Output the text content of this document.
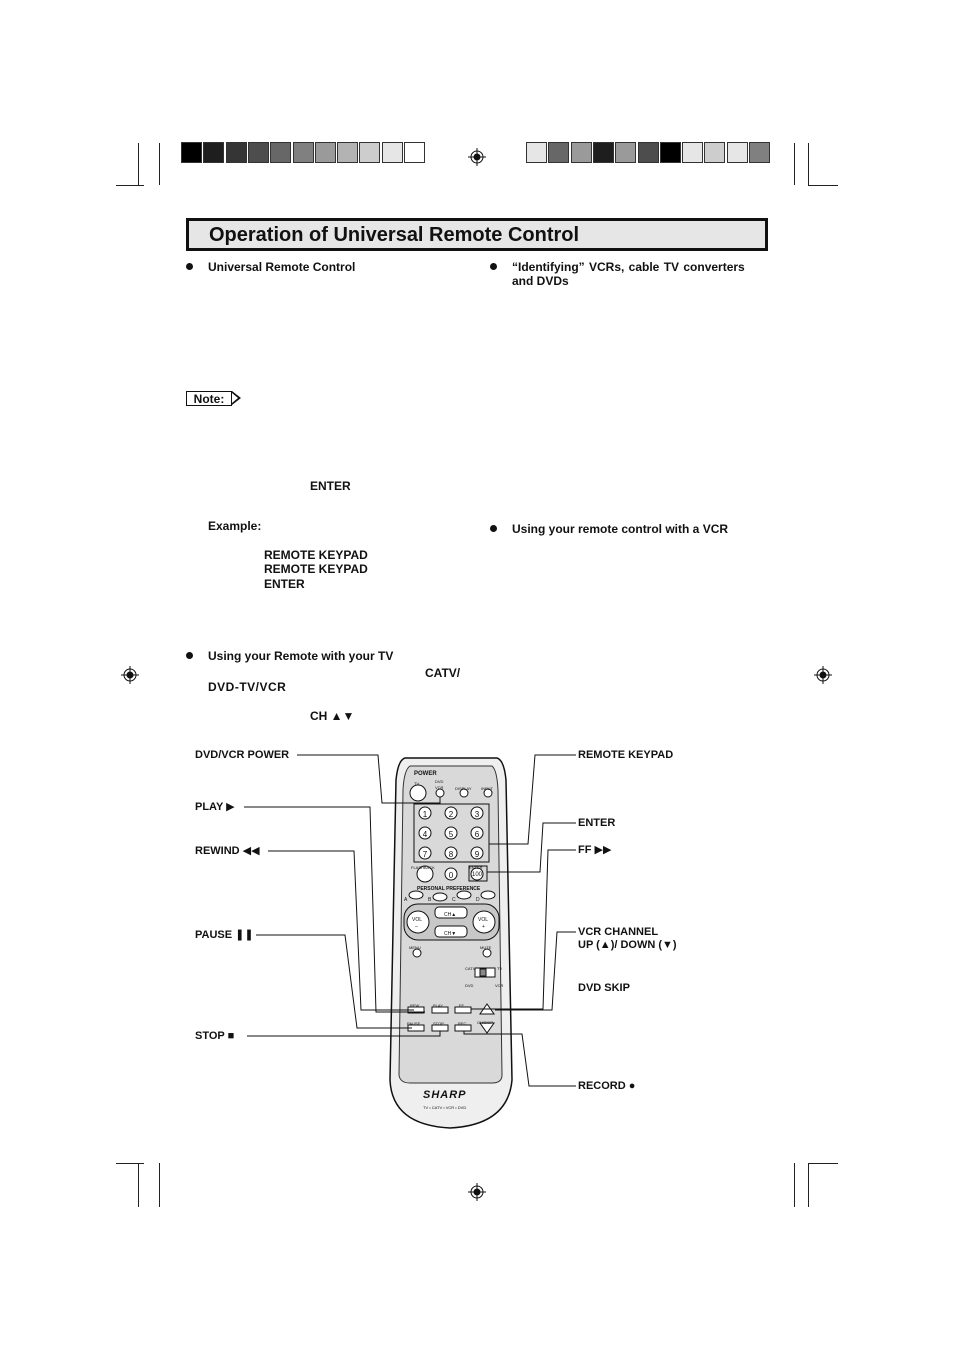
Operation of Universal Remote Control
Universal Remote Control
Note:
ENTER
Example:
REMOTE KEYPAD
REMOTE KEYPAD
ENTER
Using your Remote with your TV
CATV/
DVD-TV/VCR
CH ▲▼
“Identifying” VCRs, cable TV converters
and DVDs
Using your remote control with a VCR
DVD/VCR POWER
PLAY ▶
REWIND ◀◀
PAUSE ❚❚
STOP ■
REMOTE KEYPAD
ENTER
FF ▶▶
VCR CHANNEL
UP (▲)/ DOWN (▼)
DVD SKIP
RECORD ●
POWER
TV	DVD
VCR	DISPLAY INPUT
1	2	3
4	5	6
7	8	9
0	100
FLASHBACK	ENTER
PERSONAL PREFERENCE
A	B	C	D
VOL
–
VOL
+
CH▲
CH▼
MENU	MUTE
CATV	TV
DVD	VCR
REW	PLAY	FF
PAUSE	STOP	REC	CH/SKIP
SHARP
TV • CATV • VCR • DVD
